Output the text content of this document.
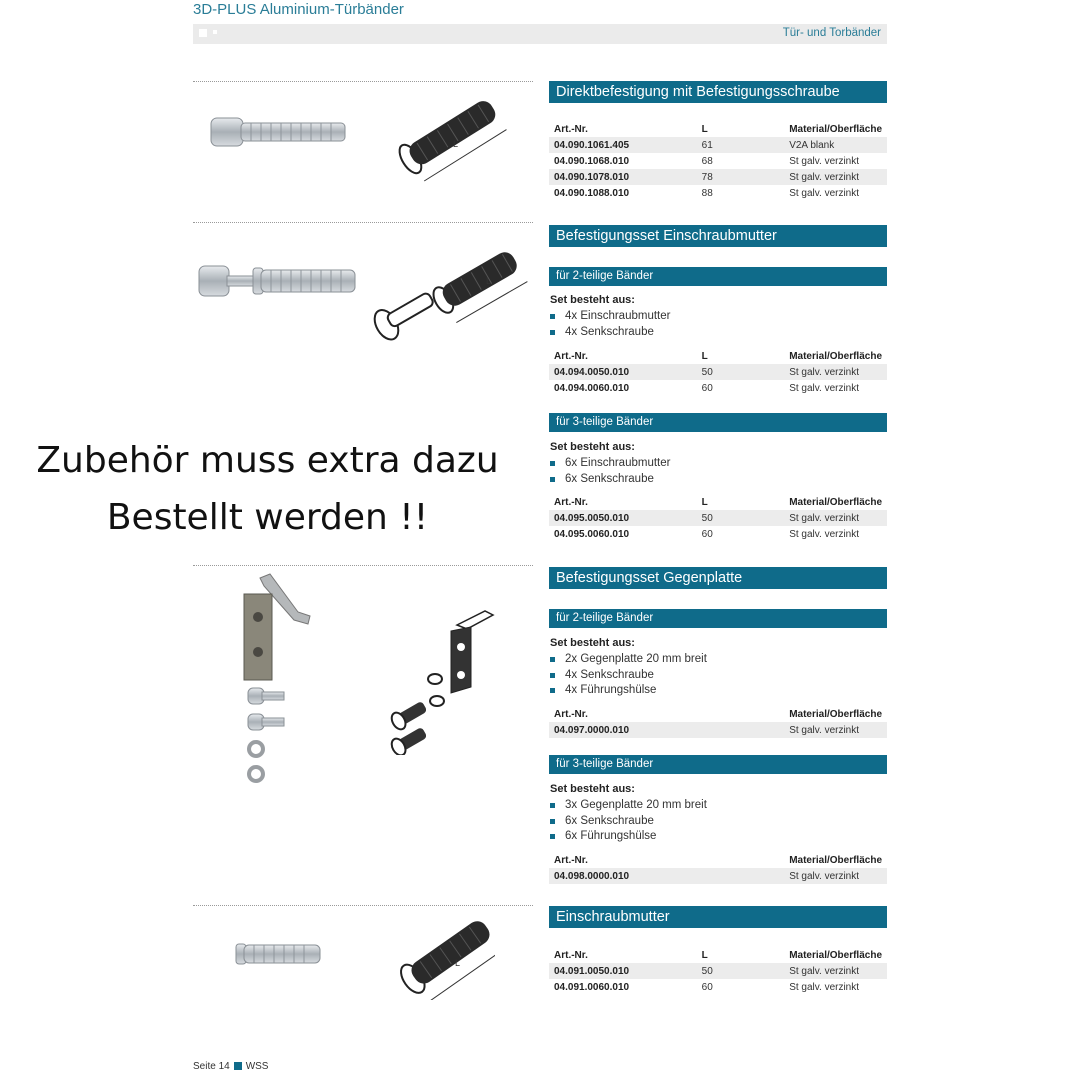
3D-PLUS Aluminium-Türbänder
Tür- und Torbänder
L
Direktbefestigung mit Befestigungsschraube
Art.-Nr.	L	Material/Oberfläche
04.090.1061.405	61	V2A blank
04.090.1068.010	68	St galv. verzinkt
04.090.1078.010	78	St galv. verzinkt
04.090.1088.010	88	St galv. verzinkt
L
Befestigungsset Einschraubmutter
für 2-teilige Bänder
Set besteht aus:
4x Einschraubmutter
4x Senkschraube
Art.-Nr.	L	Material/Oberfläche
04.094.0050.010	50	St galv. verzinkt
04.094.0060.010	60	St galv. verzinkt
für 3-teilige Bänder
Set besteht aus:
6x Einschraubmutter
6x Senkschraube
Art.-Nr.	L	Material/Oberfläche
04.095.0050.010	50	St galv. verzinkt
04.095.0060.010	60	St galv. verzinkt
Zubehör muss extra dazu
Bestellt werden !!
Befestigungsset Gegenplatte
für 2-teilige Bänder
Set besteht aus:
2x Gegenplatte 20 mm breit
4x Senkschraube
4x Führungshülse
Art.-Nr.	Material/Oberfläche
04.097.0000.010	St galv. verzinkt
für 3-teilige Bänder
Set besteht aus:
3x Gegenplatte 20 mm breit
6x Senkschraube
6x Führungshülse
Art.-Nr.	Material/Oberfläche
04.098.0000.010	St galv. verzinkt
L
Einschraubmutter
Art.-Nr.	L	Material/Oberfläche
04.091.0050.010	50	St galv. verzinkt
04.091.0060.010	60	St galv. verzinkt
Seite 14 WSS
